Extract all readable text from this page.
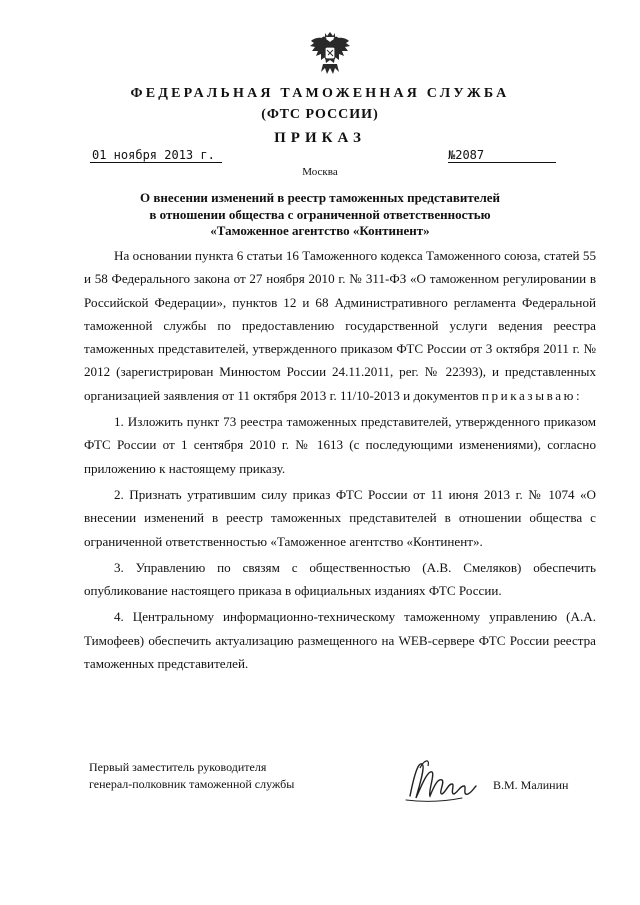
ФЕДЕРАЛЬНАЯ ТАМОЖЕННАЯ СЛУЖБА
(ФТС РОССИИ)
ПРИКАЗ
01 ноября 2013 г.	№2087
Москва
О внесении изменений в реестр таможенных представителей
в отношении общества с ограниченной ответственностью
«Таможенное агентство «Континент»

На основании пункта 6 статьи 16 Таможенного кодекса Таможенного союза, статей 55 и 58 Федерального закона от 27 ноября 2010 г. № 311-ФЗ «О таможенном регулировании в Российской Федерации», пунктов 12 и 68 Административного регламента Федеральной таможенной службы по предоставлению государственной услуги ведения реестра таможенных представителей, утвержденного приказом ФТС России от 3 октября 2011 г. № 2012 (зарегистрирован Минюстом России 24.11.2011, рег. № 22393), и представленных организацией заявления от 11 октября 2013 г. 11/10-2013 и документов приказываю:

1. Изложить пункт 73 реестра таможенных представителей, утвержденного приказом ФТС России от 1 сентября 2010 г. № 1613 (с последующими изменениями), согласно приложению к настоящему приказу.

2. Признать утратившим силу приказ ФТС России от 11 июня 2013 г. № 1074 «О внесении изменений в реестр таможенных представителей в отношении общества с ограниченной ответственностью «Таможенное агентство «Континент».

3. Управлению по связям с общественностью (А.В. Смеляков) обеспечить опубликование настоящего приказа в официальных изданиях ФТС России.

4. Центральному информационно-техническому таможенному управлению (А.А. Тимофеев) обеспечить актуализацию размещенного на WEB-сервере ФТС России реестра таможенных представителей.

Первый заместитель руководителя
генерал-полковник таможенной службы	В.М. Малинин
